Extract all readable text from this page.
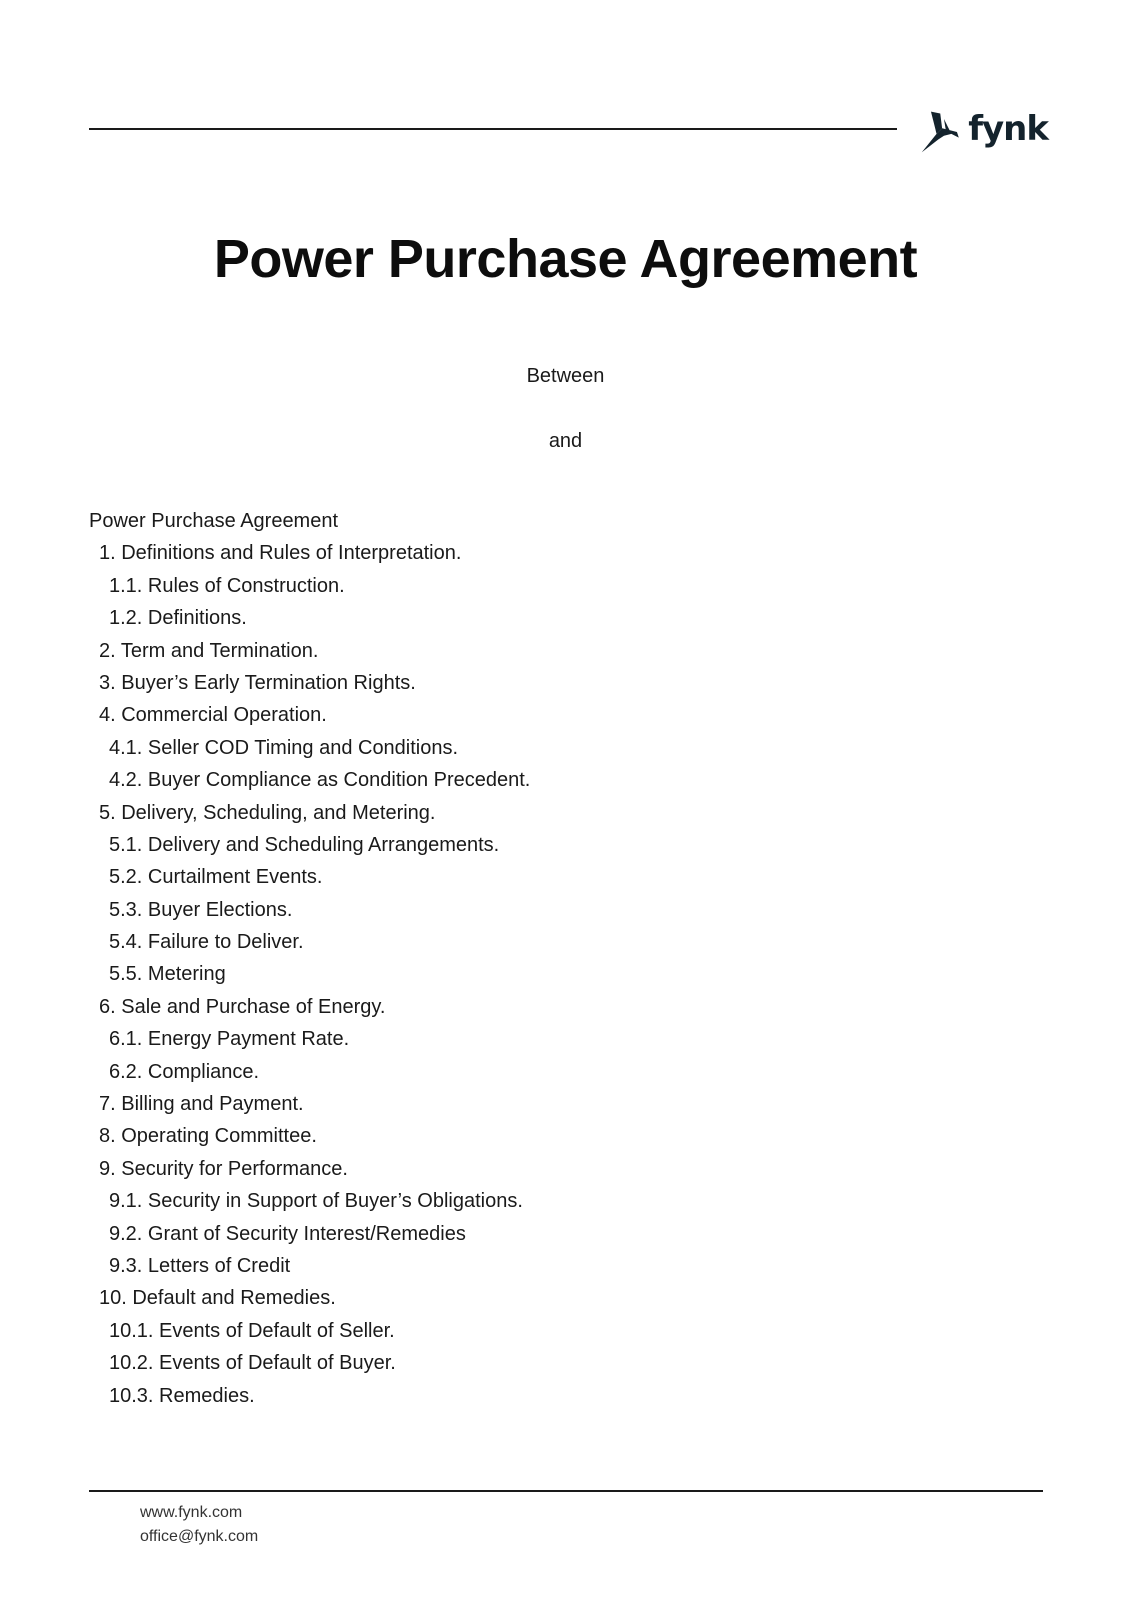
fynk
Power Purchase Agreement
Between
and
Power Purchase Agreement
1. Definitions and Rules of Interpretation.
1.1. Rules of Construction.
1.2. Definitions.
2. Term and Termination.
3. Buyer’s Early Termination Rights.
4. Commercial Operation.
4.1. Seller COD Timing and Conditions.
4.2. Buyer Compliance as Condition Precedent.
5. Delivery, Scheduling, and Metering.
5.1. Delivery and Scheduling Arrangements.
5.2. Curtailment Events.
5.3. Buyer Elections.
5.4. Failure to Deliver.
5.5. Metering
6. Sale and Purchase of Energy.
6.1. Energy Payment Rate.
6.2. Compliance.
7. Billing and Payment.
8. Operating Committee.
9. Security for Performance.
9.1. Security in Support of Buyer’s Obligations.
9.2. Grant of Security Interest/Remedies
9.3. Letters of Credit
10. Default and Remedies.
10.1. Events of Default of Seller.
10.2. Events of Default of Buyer.
10.3. Remedies.
www.fynk.com
office@fynk.com
